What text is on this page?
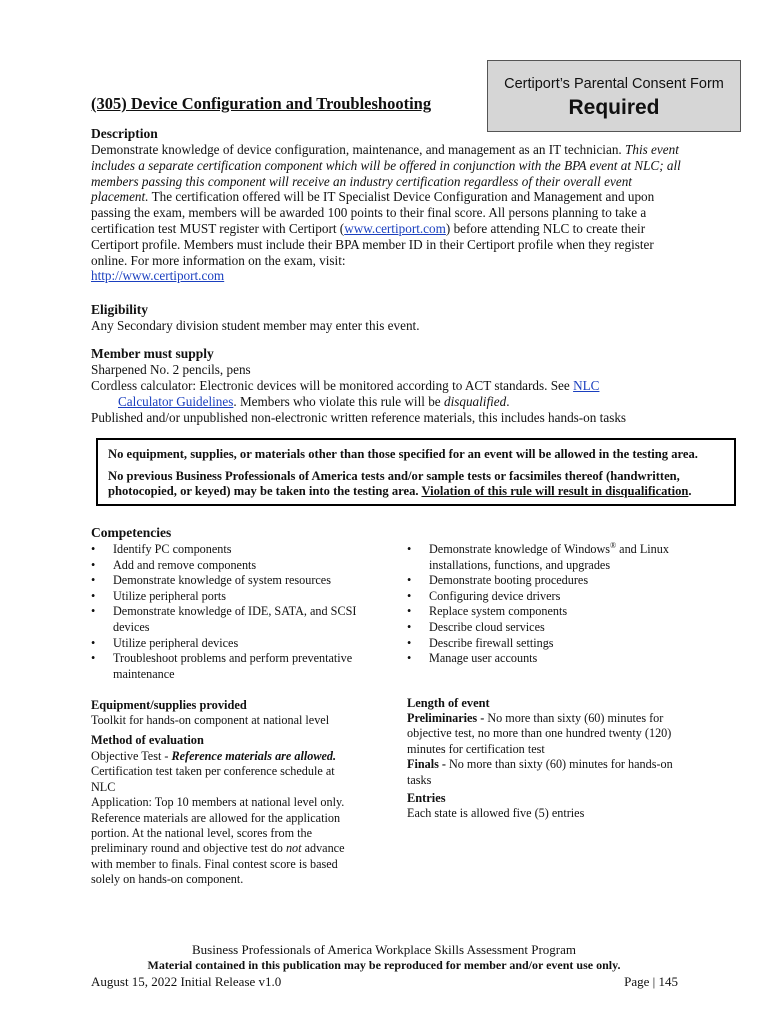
Certiport’s Parental Consent Form
Required
(305) Device Configuration and Troubleshooting
Description

Demonstrate knowledge of device configuration, maintenance, and management as an IT technician. This event includes a separate certification component which will be offered in conjunction with the BPA event at NLC; all members passing this component will receive an industry certification regardless of their overall event placement. The certification offered will be IT Specialist Device Configuration and Management and upon passing the exam, members will be awarded 100 points to their final score. All persons planning to take a certification test MUST register with Certiport (www.certiport.com) before attending NLC to create their Certiport profile. Members must include their BPA member ID in their Certiport profile when they register online. For more information on the exam, visit:
http://www.certiport.com

Eligibility

Any Secondary division student member may enter this event.

Member must supply

Sharpened No. 2 pencils, pens

Cordless calculator: Electronic devices will be monitored according to ACT standards. See NLC
Calculator Guidelines. Members who violate this rule will be disqualified.

Published and/or unpublished non-electronic written reference materials, this includes hands-on tasks

No equipment, supplies, or materials other than those specified for an event will be allowed in the testing area.

No previous Business Professionals of America tests and/or sample tests or facsimiles thereof (handwritten, photocopied, or keyed) may be taken into the testing area. Violation of this rule will result in disqualification.

Competencies
• Identify PC components
• Add and remove components
• Demonstrate knowledge of system resources
• Utilize peripheral ports
• Demonstrate knowledge of IDE, SATA, and SCSI devices
• Utilize peripheral devices
• Troubleshoot problems and perform preventative maintenance
• Demonstrate knowledge of Windows® and Linux installations, functions, and upgrades
• Demonstrate booting procedures
• Configuring device drivers
• Replace system components
• Describe cloud services
• Describe firewall settings
• Manage user accounts
Equipment/supplies provided

Toolkit for hands-on component at national level

Method of evaluation

Objective Test - Reference materials are allowed.
Certification test taken per conference schedule at NLC
Application: Top 10 members at national level only. Reference materials are allowed for the application portion. At the national level, scores from the preliminary round and objective test do not advance with member to finals. Final contest score is based solely on hands-on component.

Length of event

Preliminaries - No more than sixty (60) minutes for objective test, no more than one hundred twenty (120) minutes for certification test
Finals - No more than sixty (60) minutes for hands-on tasks

Entries

Each state is allowed five (5) entries

Business Professionals of America Workplace Skills Assessment Program

Material contained in this publication may be reproduced for member and/or event use only.

August 15, 2022 Initial Release v1.0	Page | 145
